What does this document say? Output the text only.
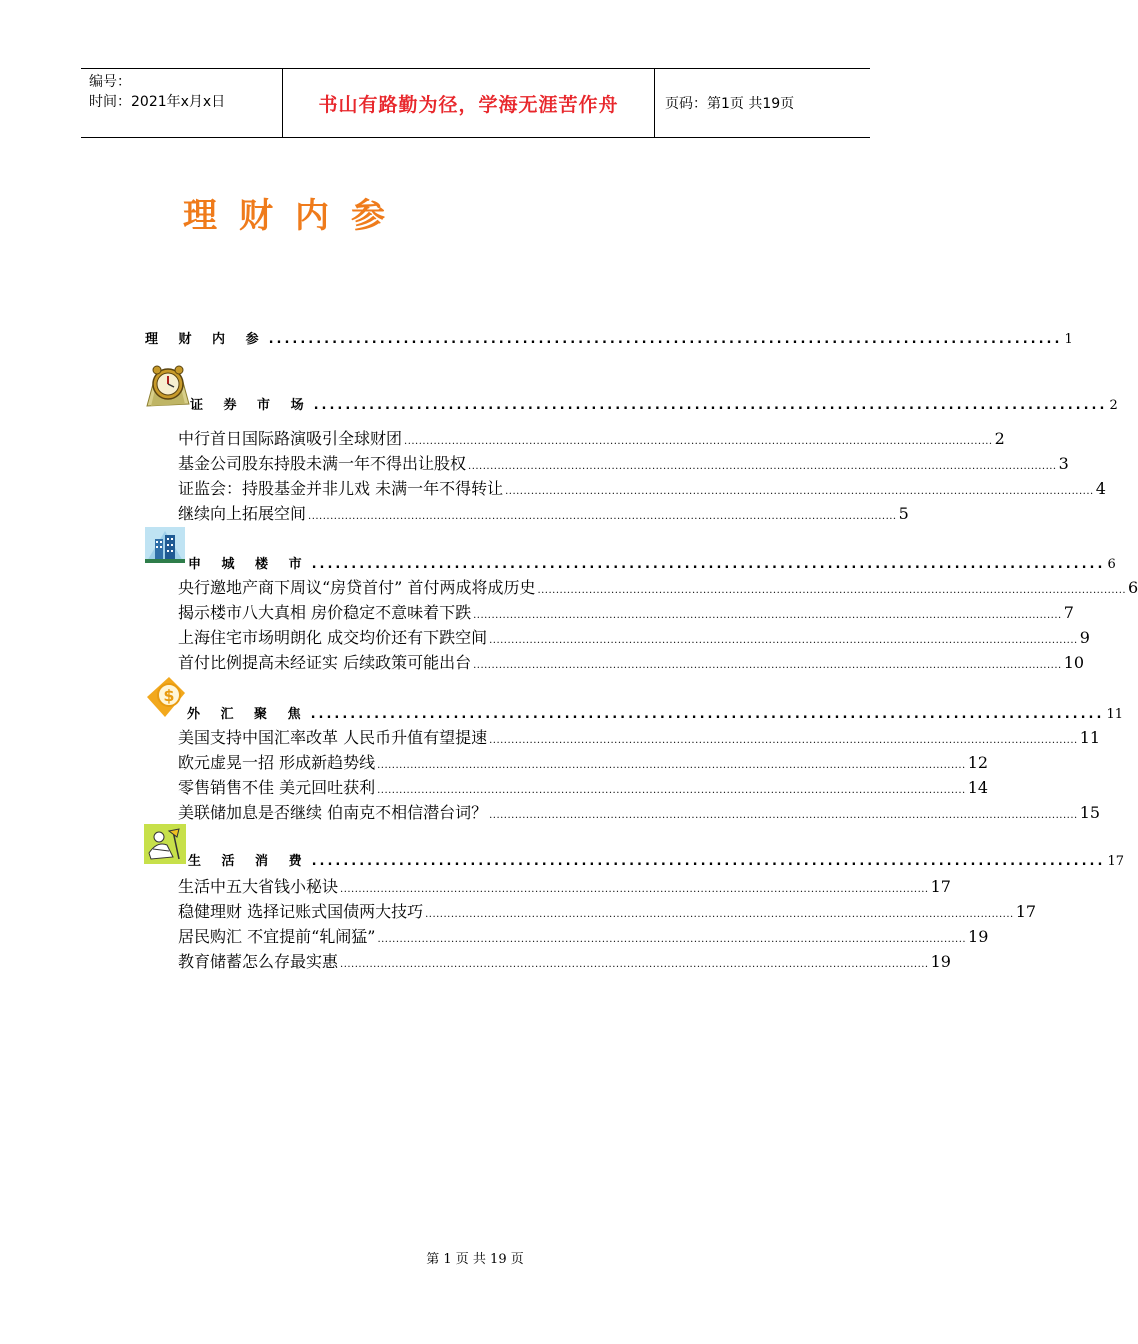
编号：
时间：2021年x月x日	书山有路勤为径，学海无涯苦作舟	页码：第1页 共19页
理财内参
理 财 内 参 .................................................................................................... 1
证 券 市 场 .................................................................................................... 2
中行首日国际路演吸引全球财团 ................................................................................................................................................................ 2
基金公司股东持股未满一年不得出让股权 ................................................................................................................................................................ 3
证监会：持股基金并非儿戏 未满一年不得转让 ................................................................................................................................................................ 4
继续向上拓展空间 ................................................................................................................................................................ 5
申 城 楼 市 .................................................................................................... 6
央行邀地产商下周议“房贷首付” 首付两成将成历史 ................................................................................................................................................................ 6
揭示楼市八大真相 房价稳定不意味着下跌 ................................................................................................................................................................ 7
上海住宅市场明朗化 成交均价还有下跌空间 ................................................................................................................................................................ 9
首付比例提高未经证实 后续政策可能出台 ................................................................................................................................................................ 10
$
外 汇 聚 焦 .................................................................................................... 11
美国支持中国汇率改革 人民币升值有望提速 ................................................................................................................................................................ 11
欧元虚晃一招 形成新趋势线 ................................................................................................................................................................ 12
零售销售不佳 美元回吐获利 ................................................................................................................................................................ 14
美联储加息是否继续 伯南克不相信潜台词？ ................................................................................................................................................................ 15
生 活 消 费 .................................................................................................... 17
生活中五大省钱小秘诀 ................................................................................................................................................................ 17
稳健理财 选择记账式国债两大技巧 ................................................................................................................................................................ 17
居民购汇 不宜提前“轧闹猛” ................................................................................................................................................................ 19
教育储蓄怎么存最实惠 ................................................................................................................................................................ 19
第 1 页 共 19 页
